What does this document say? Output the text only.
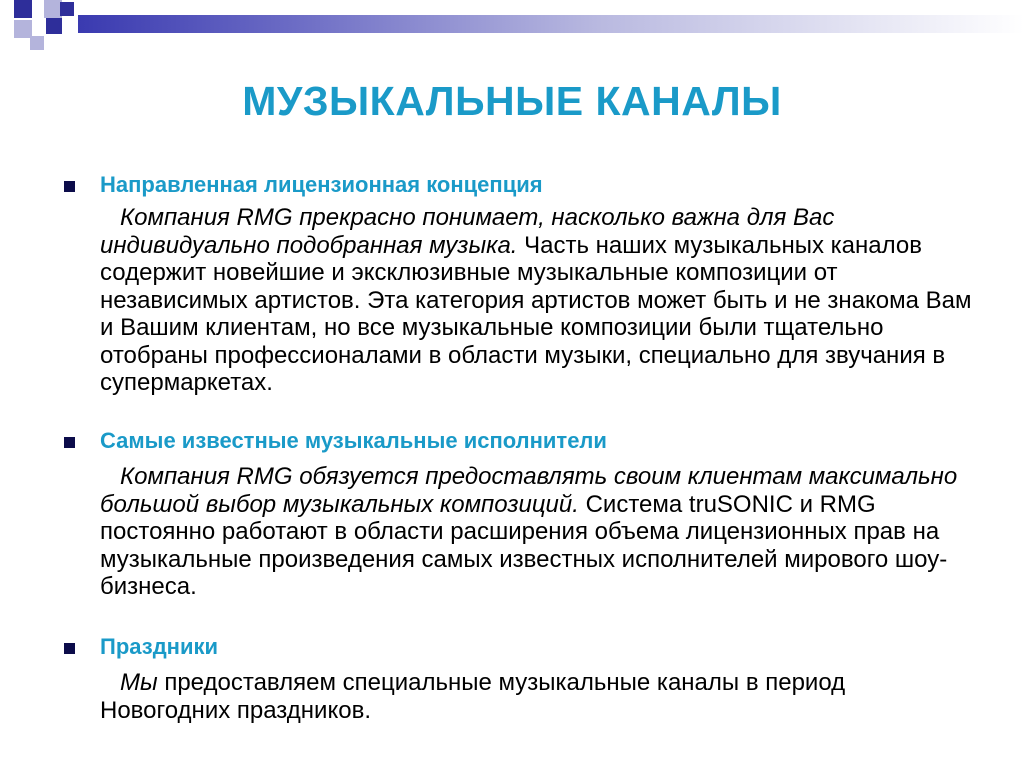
МУЗЫКАЛЬНЫЕ КАНАЛЫ
Направленная лицензионная концепция
Компания RMG прекрасно понимает, насколько важна для Вас индивидуально подобранная музыка. Часть наших музыкальных каналов содержит новейшие и эксклюзивные музыкальные композиции от независимых артистов. Эта категория артистов может быть и не знакома Вам и Вашим клиентам, но все музыкальные композиции были тщательно отобраны профессионалами в области музыки, специально для звучания в супермаркетах.
Самые известные музыкальные исполнители
Компания RMG обязуется предоставлять своим клиентам максимально большой выбор музыкальных композиций. Система truSONIC и RMG постоянно работают в области расширения объема лицензионных прав на музыкальные произведения самых известных исполнителей мирового шоу-бизнеса.
Праздники
Мы предоставляем специальные музыкальные каналы в период Новогодних праздников.
